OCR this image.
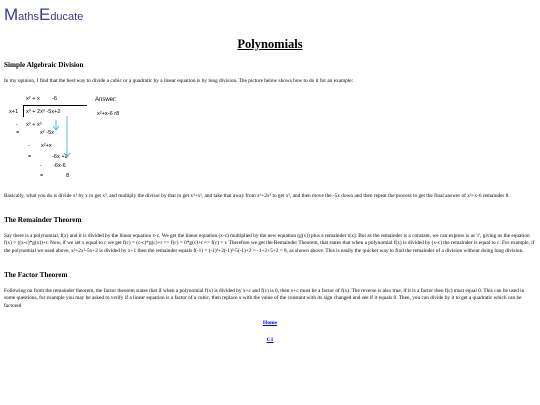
MathsEducate
Polynomials
Simple Algebraic Division
In my opinion, I find that the best way to divide a cubic or a quadratic by a linear equation is by long division. The picture below shows how to do it for an example:
x² + x -6
x+1 x³ + 2x² -5x+2
- x³ + x²
=	x² -5x
- x²+x
=	-6x +2
- -6x-6
=	8
Answer:
x²+x-6 r8
Basically, what you do is divide x³ by x to get x², and multiply the divisor by that to get x³+x², and take that away from x³+2x² to get x², and then move the -5x down and then repeat the process to get the final answer of x²+x-6 remainder 8.
The Remainder Theorem
Say there is a polynomial, f(x) and it is divided by the linear equation x-c. We get the linear equation (x-c) multiplied by the new equation (g(x)) plus a remainder r(x). But as the remainder is a constant, we can express is as 'r', giving us the equation f(x) = ((x-c)*g(x))+r. Now, if we set x equal to c we get f(c) = (c-c)*g(c)+r => f(c) = 0*g(c)+r => f(c) = r. Therefore we get the Remainder Theorem, that states that when a polynomial f(x) is divided by (x-c) the remainder is equal to c. For example, if the polynomial we used above, x³+2x²-5x+2 is divided by x+1 then the remainder equals f(-1) = (-1)³+2(-1)²-5(-1)+2 = -1+2+5+2 = 8, as shown above. This is easily the quicker way to find the remainder of a division without doing long division.
The Factor Theorem
Following on from the remainder theorem, the factor theorem states that if when a polynomial f(x) is divided by x+c and f(c) is 0, then x+c must be a factor of f(x). The reverse is also true, if it is a factor then f(c) must equal 0. This can be used in some questions, for example you may be asked to verify if a linear equation is a factor of a cubic, then replace x with the value of the constant with its sign changed and see if it equals 0. Then, you can divide by it to get a quadratic which can be factored
Home
C1
